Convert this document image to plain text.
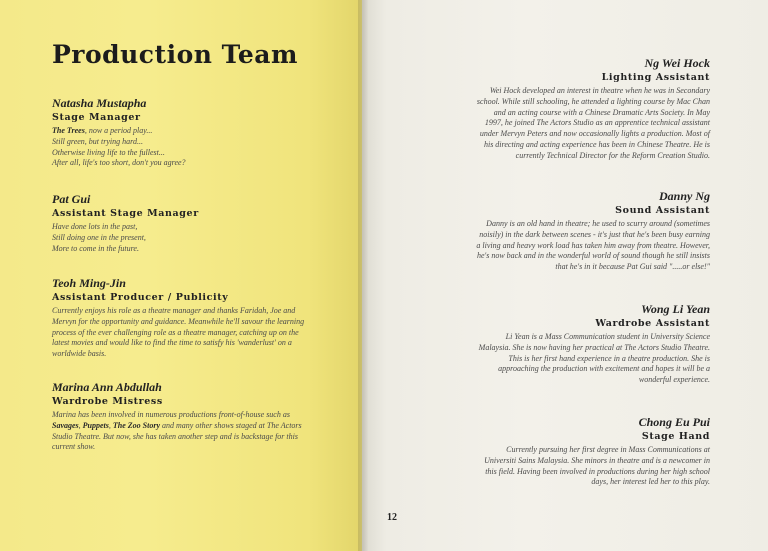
Production Team

Natasha Mustapha

Stage Manager

The Trees, now a period play...
Still green, but trying hard...
Otherwise living life to the fullest...
After all, life's too short, don't you agree?

Pat Gui

Assistant Stage Manager

Have done lots in the past,
Still doing one in the present,
More to come in the future.

Teoh Ming-Jin

Assistant Producer / Publicity

Currently enjoys his role as a theatre manager and thanks Faridah, Joe and
Mervyn for the opportunity and guidance. Meanwhile he'll savour the learning
process of the ever challenging role as a theatre manager, catching up on the
latest movies and would like to find the time to satisfy his 'wanderlust' on a
worldwide basis.

Marina Ann Abdullah

Wardrobe Mistress

Marina has been involved in numerous productions front-of-house such as
Savages, Puppets, The Zoo Story and many other shows staged at The Actors
Studio Theatre. But now, she has taken another step and is backstage for this
current show.

Ng Wei Hock

Lighting Assistant

Wei Hock developed an interest in theatre when he was in Secondary
school. While still schooling, he attended a lighting course by Mac Chan
and an acting course with a Chinese Dramatic Arts Society. In May
1997, he joined The Actors Studio as an apprentice technical assistant
under Mervyn Peters and now occasionally lights a production. Most of
his directing and acting experience has been in Chinese Theatre. He is
currently Technical Director for the Reform Creation Studio.

Danny Ng

Sound Assistant

Danny is an old hand in theatre; he used to scurry around (sometimes
noisily) in the dark between scenes - it's just that he's been busy earning
a living and heavy work load has taken him away from theatre. However,
he's now back and in the wonderful world of sound though he still insists
that he's in it because Pat Gui said ".....or else!"

Wong Li Yean

Wardrobe Assistant

Li Yean is a Mass Communication student in University Science
Malaysia. She is now having her practical at The Actors Studio Theatre.
This is her first hand experience in a theatre production. She is
approaching the production with excitement and hopes it will be a
wonderful experience.

Chong Eu Pui

Stage Hand

Currently pursuing her first degree in Mass Communications at
Universiti Sains Malaysia. She minors in theatre and is a newcomer in
this field. Having been involved in productions during her high school
days, her interest led her to this play.

12
